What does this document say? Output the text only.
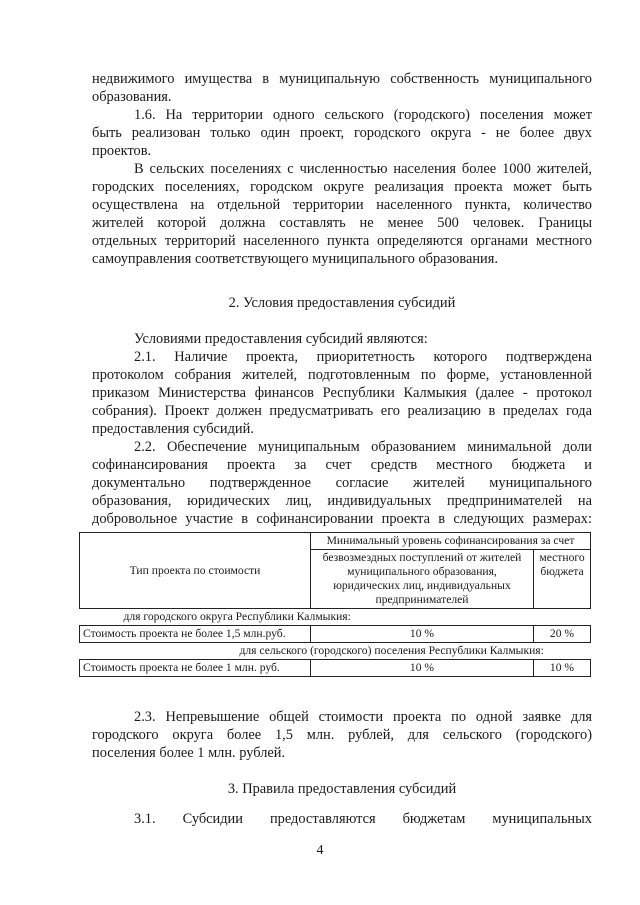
недвижимого имущества в муниципальную собственность муниципального
образования.
1.6. На территории одного сельского (городского) поселения может
быть реализован только один проект, городского округа - не более двух
проектов.
В сельских поселениях с численностью населения более 1000 жителей,
городских поселениях, городском округе реализация проекта может быть
осуществлена на отдельной территории населенного пункта, количество
жителей которой должна составлять не менее 500 человек. Границы
отдельных территорий населенного пункта определяются органами местного
самоуправления соответствующего муниципального образования.
2. Условия предоставления субсидий
Условиями предоставления субсидий являются:
2.1. Наличие проекта, приоритетность которого подтверждена
протоколом собрания жителей, подготовленным по форме, установленной
приказом Министерства финансов Республики Калмыкия (далее - протокол
собрания). Проект должен предусматривать его реализацию в пределах года
предоставления субсидий.
2.2. Обеспечение муниципальным образованием минимальной доли
софинансирования проекта за счет средств местного бюджета и
документально подтвержденное согласие жителей муниципального
образования, юридических лиц, индивидуальных предпринимателей на
добровольное участие в софинансировании проекта в следующих размерах:
Тип проекта по стоимости	Минимальный уровень софинансирования за счет	
	безвозмездных поступлений от жителей муниципального образования, юридических лиц, индивидуальных предпринимателей	местного бюджета
для городского округа Республики Калмыкия:		
Стоимость проекта не более 1,5 млн.руб.	10 %	20 %
для сельского (городского) поселения Республики Калмыкия:		
Стоимость проекта не более 1 млн. руб.	10 %	10 %
2.3. Непревышение общей стоимости проекта по одной заявке для
городского округа более 1,5 млн. рублей, для сельского (городского)
поселения более 1 млн. рублей.
3. Правила предоставления субсидий
3.1. Субсидии предоставляются бюджетам муниципальных
4
